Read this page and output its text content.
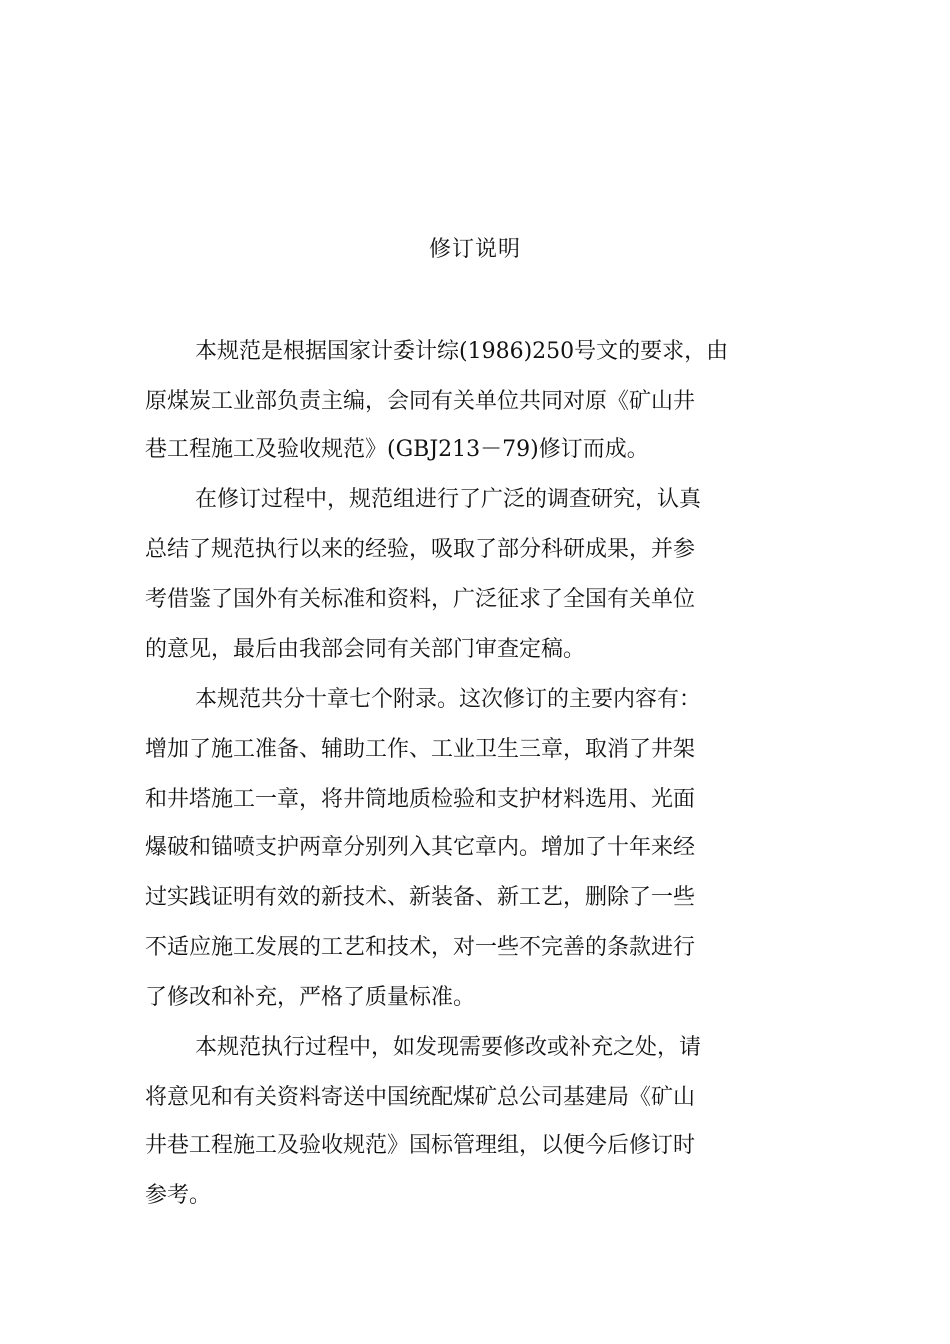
修订说明

本规范是根据国家计委计综(1986)250号文的要求，由

原煤炭工业部负责主编，会同有关单位共同对原《矿山井

巷工程施工及验收规范》(GBJ213－79)修订而成。

在修订过程中，规范组进行了广泛的调查研究，认真

总结了规范执行以来的经验，吸取了部分科研成果，并参

考借鉴了国外有关标准和资料，广泛征求了全国有关单位

的意见，最后由我部会同有关部门审查定稿。

本规范共分十章七个附录。这次修订的主要内容有：

增加了施工准备、辅助工作、工业卫生三章，取消了井架

和井塔施工一章，将井筒地质检验和支护材料选用、光面

爆破和锚喷支护两章分别列入其它章内。增加了十年来经

过实践证明有效的新技术、新装备、新工艺，删除了一些

不适应施工发展的工艺和技术，对一些不完善的条款进行

了修改和补充，严格了质量标准。

本规范执行过程中，如发现需要修改或补充之处，请

将意见和有关资料寄送中国统配煤矿总公司基建局《矿山

井巷工程施工及验收规范》国标管理组，以便今后修订时

参考。
